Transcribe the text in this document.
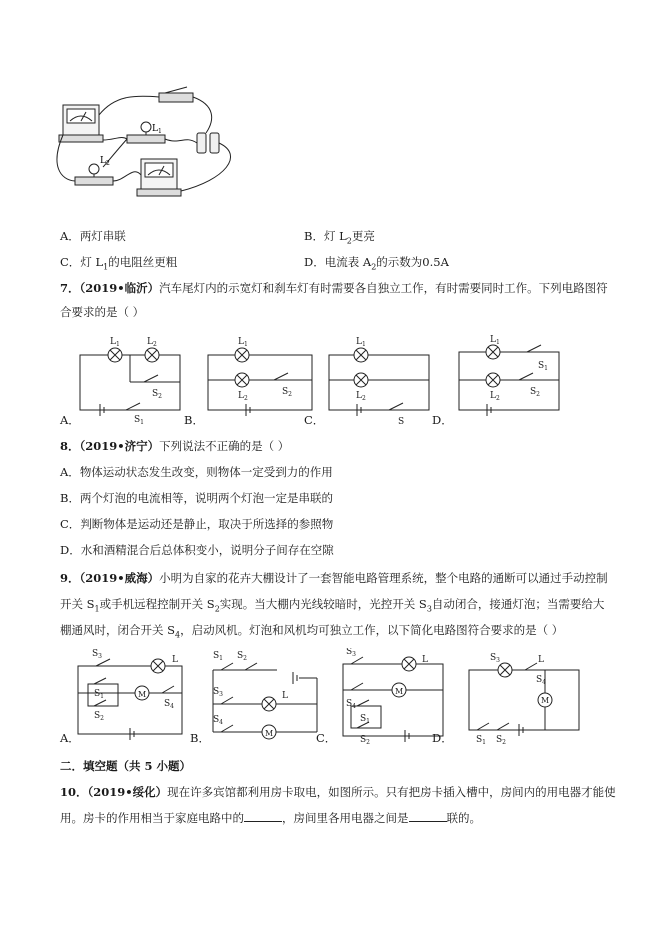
$L_1$
$L_2$
A．两灯串联	B．灯 $L_2$更亮
C．灯 $L_1$的电阻丝更粗	D．电流表 $A_2$的示数为0.5A
7．（2019•临沂）汽车尾灯内的示宽灯和刹车灯有时需要各自独立工作，有时需要同时工作。下列电路图符
合要求的是（ ）
$L_1$	$L_2$
$S_2$
$S_1$
$L_1$
$L_2$
$S_2$
$L_1$
$L_2$
S
$L_1$
$L_2$
$S_1$
$S_2$
A．	B．	C．	D．
8．（2019•济宁）下列说法不正确的是（ ）
A．物体运动状态发生改变，则物体一定受到力的作用
B．两个灯泡的电流相等，说明两个灯泡一定是串联的
C．判断物体是运动还是静止，取决于所选择的参照物
D．水和酒精混合后总体积变小，说明分子间存在空隙
9．（2019•威海）小明为自家的花卉大棚设计了一套智能电路管理系统，整个电路的通断可以通过手动控制
开关 $S_1$或手机远程控制开关 $S_2$实现。当大棚内光线较暗时，光控开关 $S_3$自动闭合，接通灯泡；当需要给大
棚通风时，闭合开关 $S_4$，启动风机。灯泡和风机均可独立工作，以下简化电路图符合要求的是（ ）
$S_3$	L
$S_1$
$S_2$
M
$S_4$
$S_1$ $S_2$
$S_3$	L
$S_4$
M
$S_3$
L
$S_4$
M
$S_1$
$S_2$
$S_3$	L
$S_4$
M
$S_1$ $S_2$
A．	B．	C．	D．
二．填空题（共 5 小题）
10．（2019•绥化）现在许多宾馆都利用房卡取电，如图所示。只有把房卡插入槽中，房间内的用电器才能使
用。房卡的作用相当于家庭电路中的	，房间里各用电器之间是	联的。
